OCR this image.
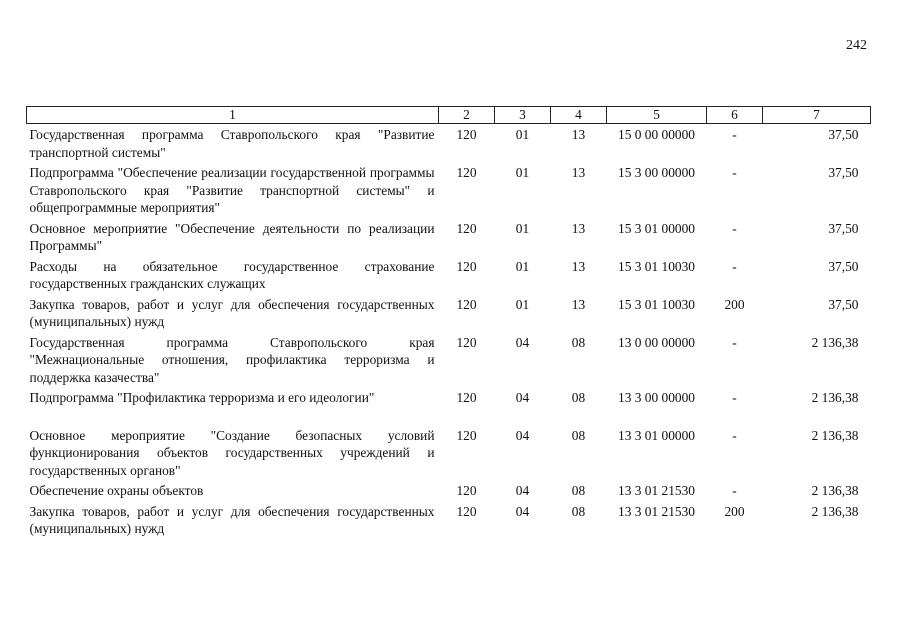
242
1	2	3	4	5	6	7
Государственная программа Ставропольского края "Развитие транспортной системы"	120	01	13	15 0 00 00000	-	37,50
Подпрограмма "Обеспечение реализации государственной программы Ставропольского края "Развитие транспортной системы" и общепрограммные мероприятия"	120	01	13	15 3 00 00000	-	37,50
Основное мероприятие "Обеспечение деятельности по реализации Программы"	120	01	13	15 3 01 00000	-	37,50
Расходы на обязательное государственное страхование государственных гражданских служащих	120	01	13	15 3 01 10030	-	37,50
Закупка товаров, работ и услуг для обеспечения государственных (муниципальных) нужд	120	01	13	15 3 01 10030	200	37,50
Государственная программа Ставропольского края "Межнациональные отношения, профилактика терроризма и поддержка казачества"	120	04	08	13 0 00 00000	-	2 136,38
Подпрограмма "Профилактика терроризма и его идеологии"	120	04	08	13 3 00 00000	-	2 136,38
Основное мероприятие "Создание безопасных условий функционирования объектов государственных учреждений и государственных органов"	120	04	08	13 3 01 00000	-	2 136,38
Обеспечение охраны объектов	120	04	08	13 3 01 21530	-	2 136,38
Закупка товаров, работ и услуг для обеспечения государственных (муниципальных) нужд	120	04	08	13 3 01 21530	200	2 136,38
